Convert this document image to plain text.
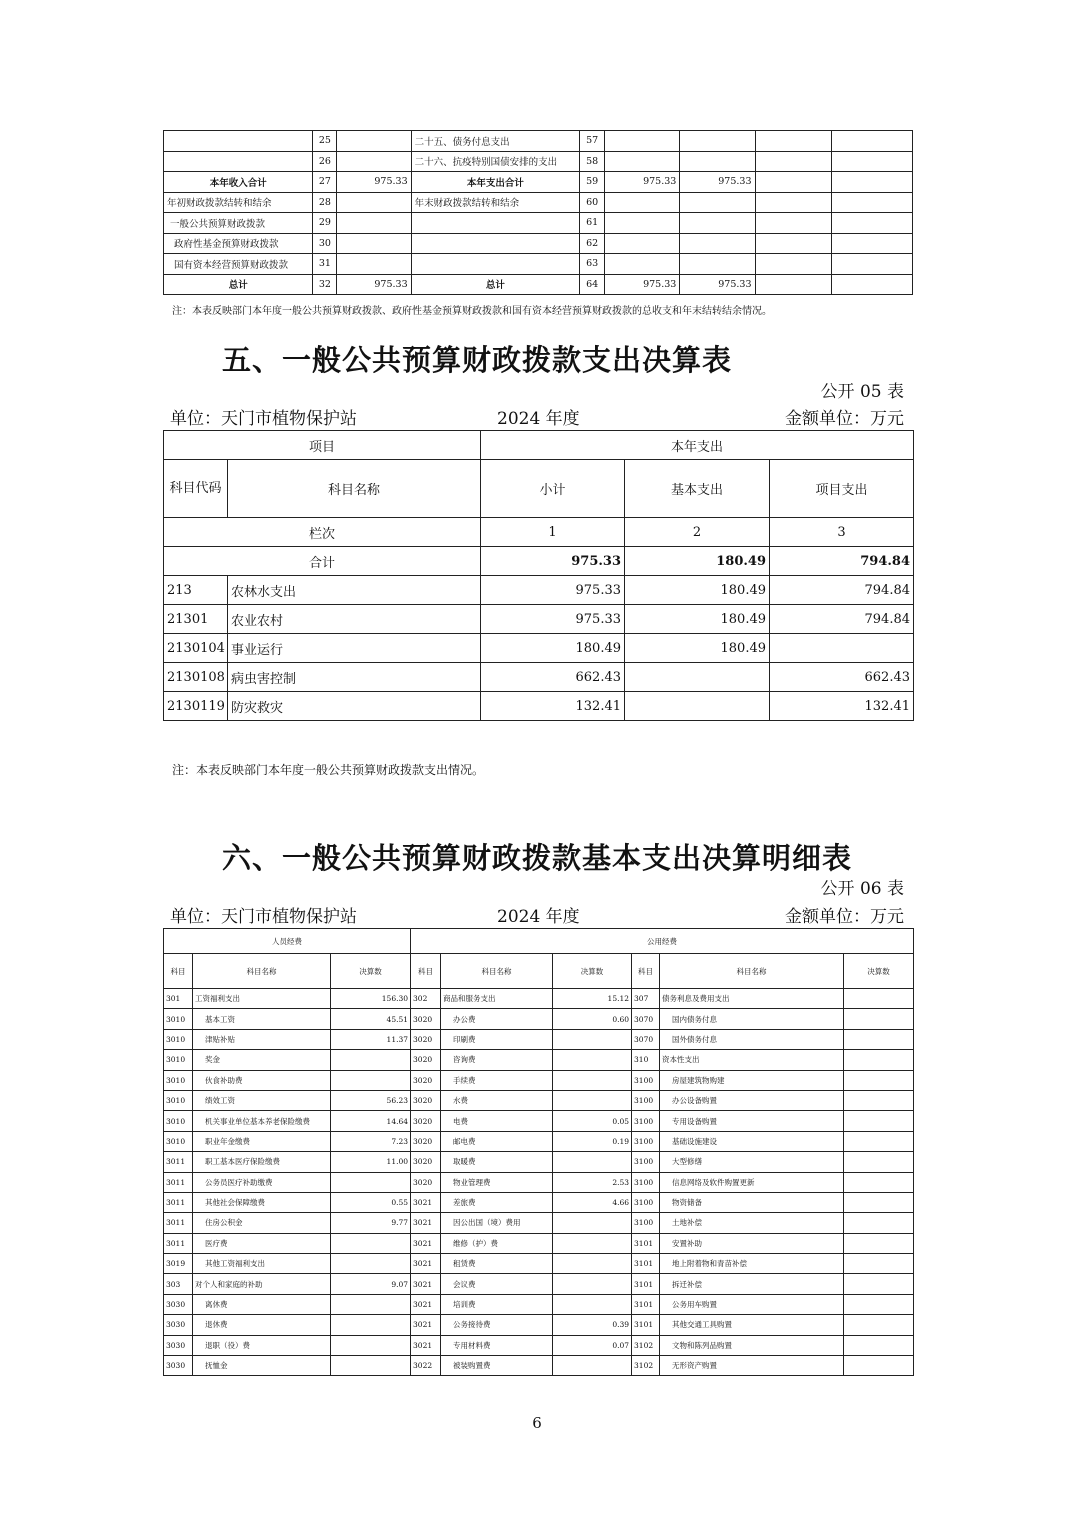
	25		二十五、债务付息支出	57				
	26		二十六、抗疫特别国债安排的支出	58				
本年收入合计	27	975.33	本年支出合计	59	975.33	975.33		
年初财政拨款结转和结余	28		年末财政拨款结转和结余	60				
一般公共预算财政拨款	29			61				
政府性基金预算财政拨款	30			62				
国有资本经营预算财政拨款	31			63				
总计	32	975.33	总计	64	975.33	975.33		
注：本表反映部门本年度一般公共预算财政拨款、政府性基金预算财政拨款和国有资本经营预算财政拨款的总收支和年末结转结余情况。
五、一般公共预算财政拨款支出决算表
公开 05 表
单位：天门市植物保护站	2024 年度	金额单位：万元
项目		本年支出		
科目代码	科目名称	小计	基本支出	项目支出
栏次		1	2	3
合计		975.33	180.49	794.84
213	农林水支出	975.33	180.49	794.84
21301	农业农村	975.33	180.49	794.84
2130104	事业运行	180.49	180.49	
2130108	病虫害控制	662.43		662.43
2130119	防灾救灾	132.41		132.41
注：本表反映部门本年度一般公共预算财政拨款支出情况。
六、一般公共预算财政拨款基本支出决算明细表
公开 06 表
单位：天门市植物保护站	2024 年度	金额单位：万元
人员经费			公用经费					
科目	科目名称	决算数	科目	科目名称	决算数	科目	科目名称	决算数
301	工资福利支出	156.30	302	商品和服务支出	15.12	307	债务利息及费用支出	
3010	基本工资	45.51	3020	办公费	0.60	3070	国内债务付息	
3010	津贴补贴	11.37	3020	印刷费		3070	国外债务付息	
3010	奖金		3020	咨询费		310	资本性支出	
3010	伙食补助费		3020	手续费		3100	房屋建筑物购建	
3010	绩效工资	56.23	3020	水费		3100	办公设备购置	
3010	机关事业单位基本养老保险缴费	14.64	3020	电费	0.05	3100	专用设备购置	
3010	职业年金缴费	7.23	3020	邮电费	0.19	3100	基础设施建设	
3011	职工基本医疗保险缴费	11.00	3020	取暖费		3100	大型修缮	
3011	公务员医疗补助缴费		3020	物业管理费	2.53	3100	信息网络及软件购置更新	
3011	其他社会保障缴费	0.55	3021	差旅费	4.66	3100	物资储备	
3011	住房公积金	9.77	3021	因公出国（境）费用		3100	土地补偿	
3011	医疗费		3021	维修（护）费		3101	安置补助	
3019	其他工资福利支出		3021	租赁费		3101	地上附着物和青苗补偿	
303	对个人和家庭的补助	9.07	3021	会议费		3101	拆迁补偿	
3030	离休费		3021	培训费		3101	公务用车购置	
3030	退休费		3021	公务接待费	0.39	3101	其他交通工具购置	
3030	退职（役）费		3021	专用材料费	0.07	3102	文物和陈列品购置	
3030	抚恤金		3022	被装购置费		3102	无形资产购置	
6
